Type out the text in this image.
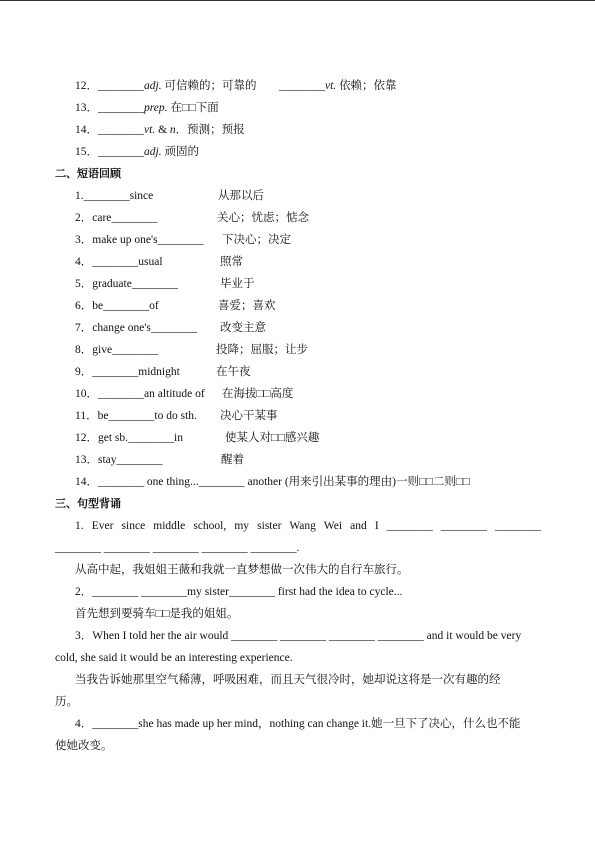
12．________adj. 可信赖的；可靠的 ________vt. 依赖；依靠
13．________prep. 在□□下面
14．________vt. & n．预测；预报
15．________adj. 顽固的
二、短语回顾
1.________since	从那以后
2．care________	关心；忧虑；惦念
3．make up one's________ 下决心；决定
4．________usual	照常
5．graduate________	毕业于
6．be________of	喜爱；喜欢
7．change one's________ 改变主意
8．give________	投降；屈服；让步
9．________midnight	在午夜
10．________an altitude of 在海拔□□高度
11．be________to do sth. 决心干某事
12．get sb.________in	使某人对□□感兴趣
13．stay________	醒着
14．________ one thing...________ another (用来引出某事的理由)一则□□二则□□
三、句型背诵
1. Ever since middle school, my sister Wang Wei and I ________ ________ ________
________ ________ ________ ________ ________.
从高中起，我姐姐王薇和我就一直梦想做一次伟大的自行车旅行。
2．________ ________my sister________ first had the idea to cycle...
首先想到要骑车□□是我的姐姐。
3．When I told her the air would ________ ________ ________ ________ and it would be very
cold, she said it would be an interesting experience.
当我告诉她那里空气稀薄，呼吸困难，而且天气很冷时，她却说这将是一次有趣的经
历。
4．________she has made up her mind，nothing can change it.她一旦下了决心，什么也不能
使她改变。
